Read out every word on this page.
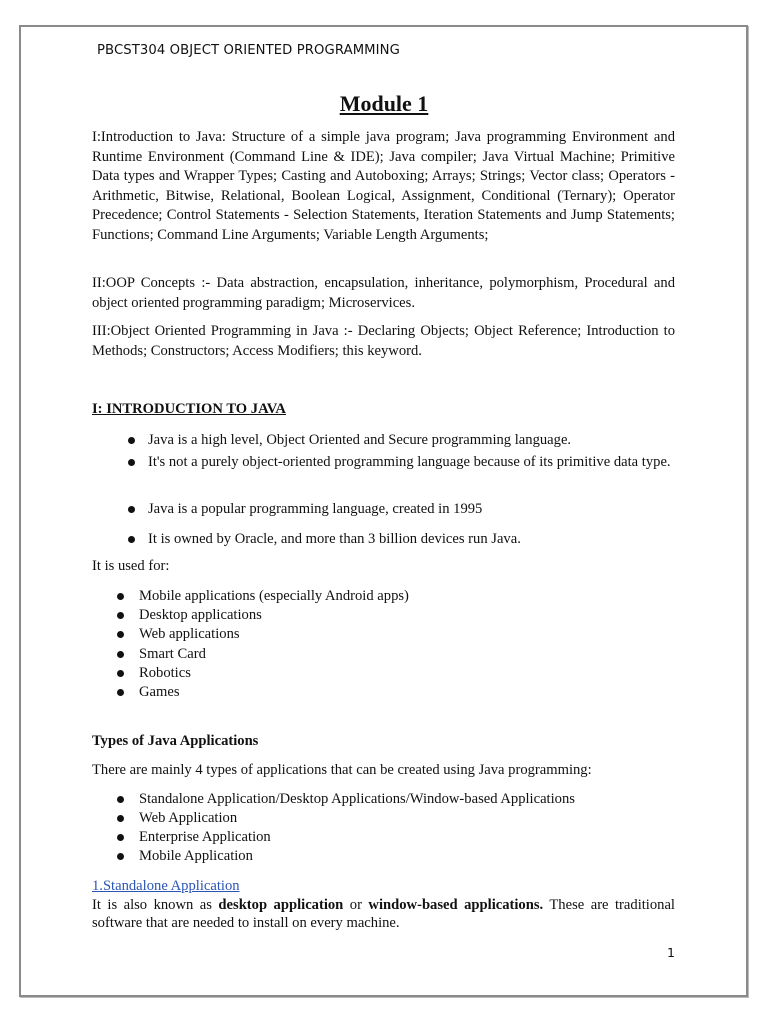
PBCST304 OBJECT ORIENTED PROGRAMMING
Module 1

I:Introduction to Java: Structure of a simple java program; Java programming Environment and Runtime Environment (Command Line & IDE); Java compiler; Java Virtual Machine; Primitive Data types and Wrapper Types; Casting and Autoboxing; Arrays; Strings; Vector class; Operators - Arithmetic, Bitwise, Relational, Boolean Logical, Assignment, Conditional (Ternary); Operator Precedence; Control Statements - Selection Statements, Iteration Statements and Jump Statements; Functions; Command Line Arguments; Variable Length Arguments;

II:OOP Concepts :- Data abstraction, encapsulation, inheritance, polymorphism, Procedural and object oriented programming paradigm; Microservices.

III:Object Oriented Programming in Java :- Declaring Objects; Object Reference; Introduction to Methods; Constructors; Access Modifiers; this keyword.

I: INTRODUCTION TO JAVA
Java is a high level, Object Oriented and Secure programming language.
It's not a purely object-oriented programming language because of its primitive data type.
Java is a popular programming language, created in 1995
It is owned by Oracle, and more than 3 billion devices run Java.
It is used for:
Mobile applications (especially Android apps)
Desktop applications
Web applications
Smart Card
Robotics
Games
Types of Java Applications
There are mainly 4 types of applications that can be created using Java programming:
Standalone Application/Desktop Applications/Window-based Applications
Web Application
Enterprise Application
Mobile Application
1.Standalone Application

It is also known as desktop application or window-based applications. These are traditional software that are needed to install on every machine.

1
